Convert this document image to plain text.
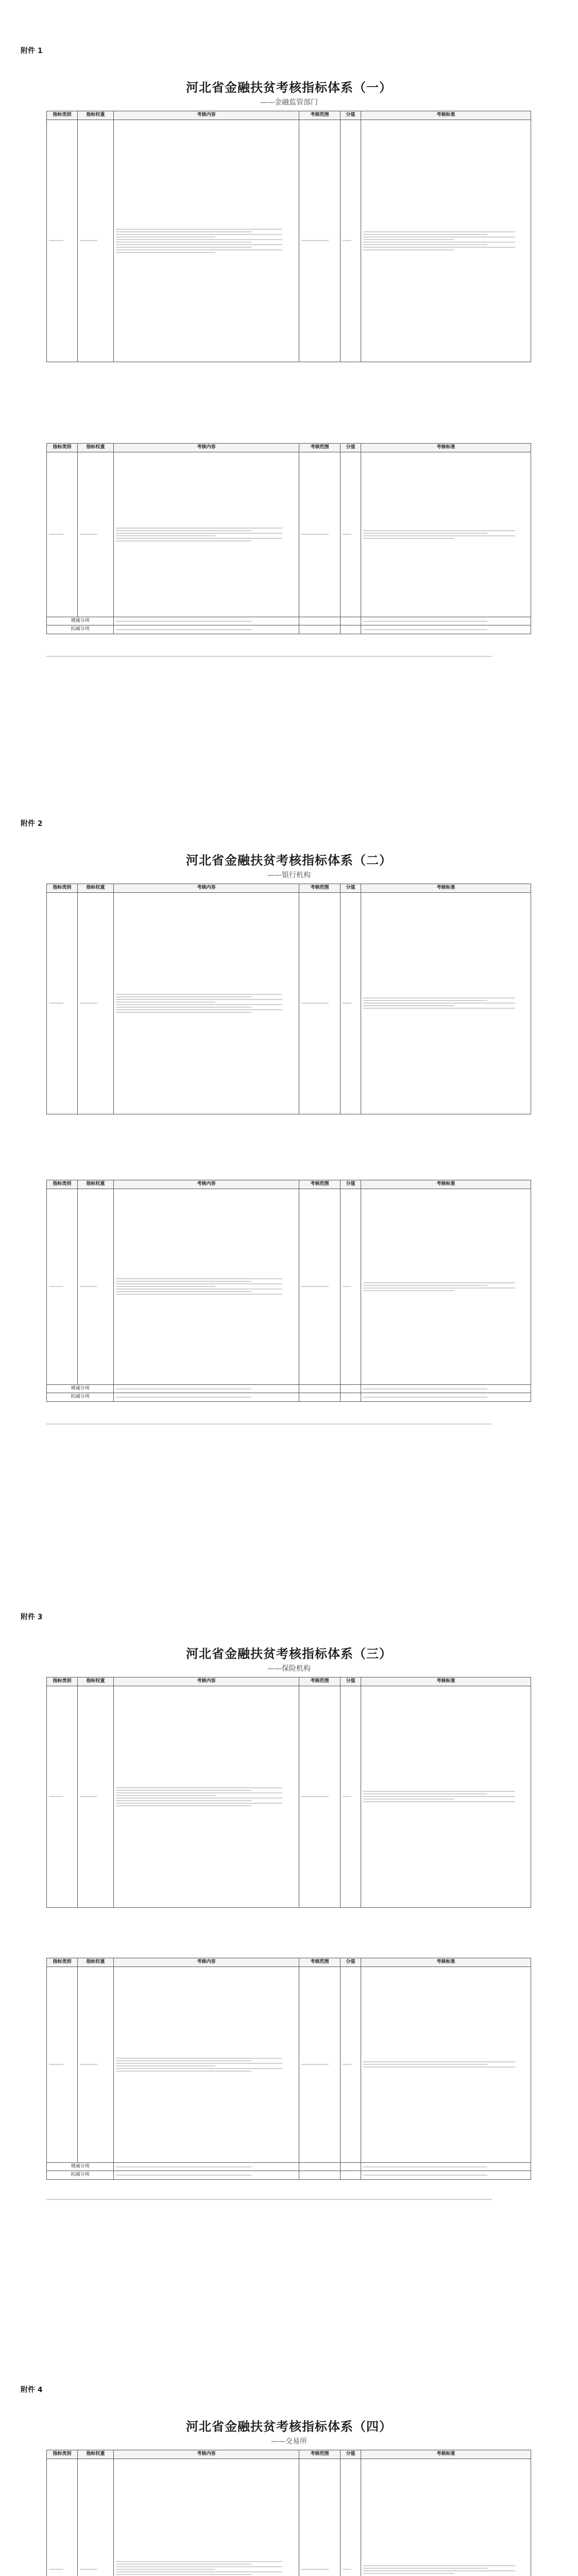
附件 1
河北省金融扶贫考核指标体系（一）
——金融监管部门
指标类别	指标权重	考核内容	考核范围	分值	考核标准

指标类别	指标权重	考核内容	考核范围	分值	考核标准

增减分项		

扣减分项		

附件 2
河北省金融扶贫考核指标体系（二）
——银行机构
指标类别	指标权重	考核内容	考核范围	分值	考核标准

指标类别	指标权重	考核内容	考核范围	分值	考核标准

增减分项		

扣减分项		

附件 3
河北省金融扶贫考核指标体系（三）
——保险机构
指标类别	指标权重	考核内容	考核范围	分值	考核标准

指标类别	指标权重	考核内容	考核范围	分值	考核标准

增减分项		

扣减分项		

附件 4
河北省金融扶贫考核指标体系（四）
——交易所
指标类别	指标权重	考核内容	考核范围	分值	考核标准
